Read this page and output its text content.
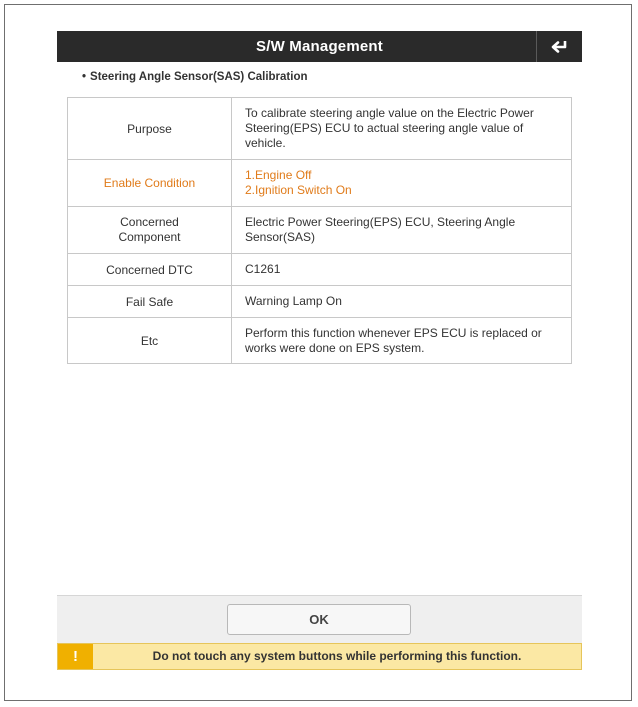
S/W Management
• Steering Angle Sensor(SAS) Calibration
Purpose	To calibrate steering angle value on the Electric Power
Steering(EPS) ECU to actual steering angle value of
vehicle.

Enable Condition	1.Engine Off
2.Ignition Switch On

Concerned
Component	Electric Power Steering(EPS) ECU, Steering Angle
Sensor(SAS)

Concerned DTC	C1261
Fail Safe	Warning Lamp On
Etc	Perform this function whenever EPS ECU is replaced or
works were done on EPS system.
OK
!	Do not touch any system buttons while performing this function.
